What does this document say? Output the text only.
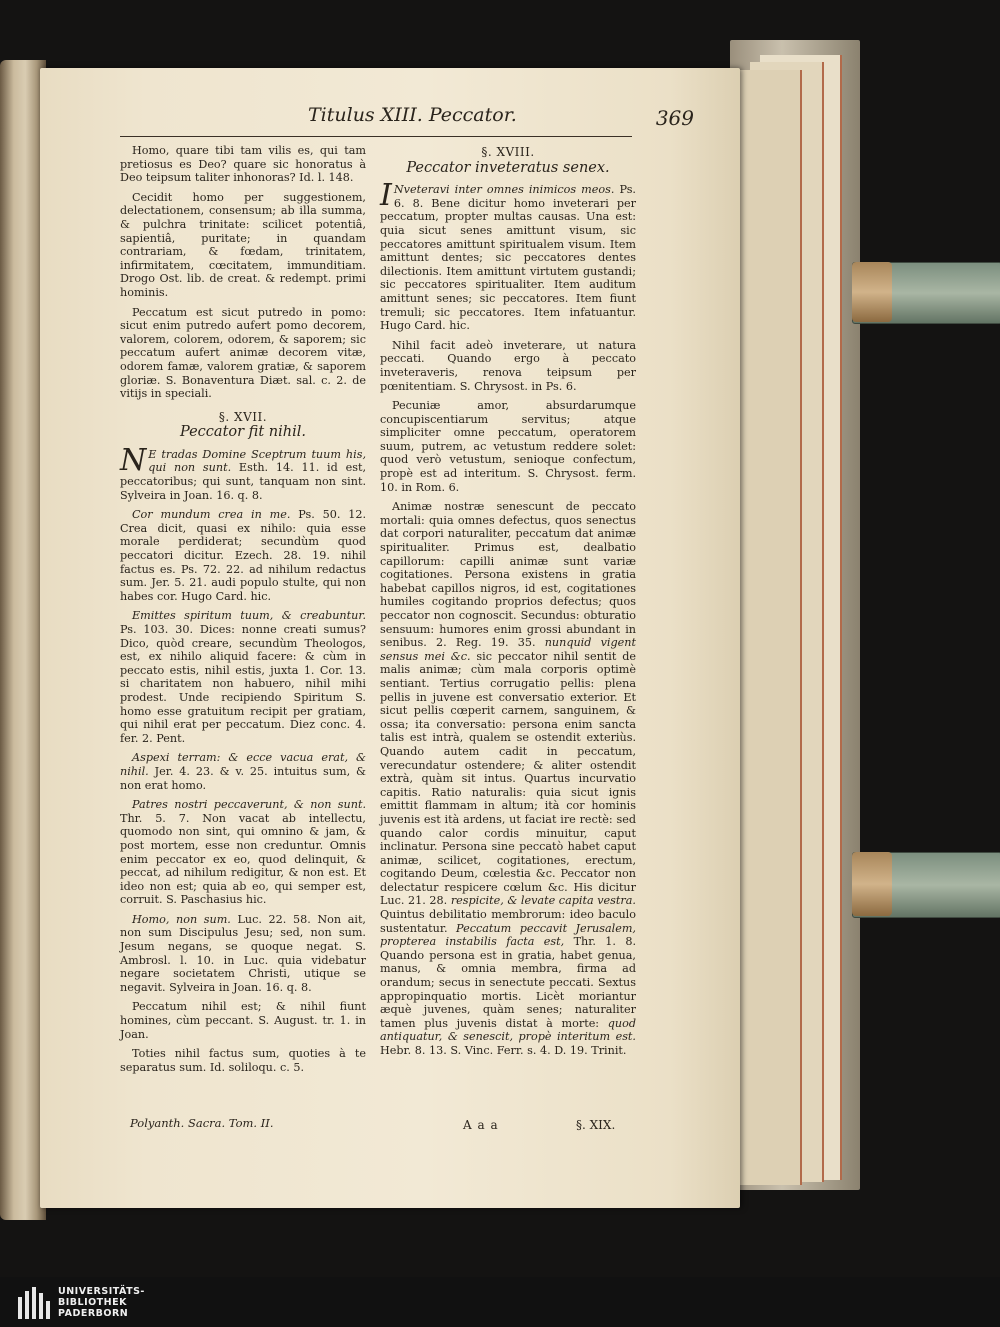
Titulus XIII. Peccator.	369

Homo, quare tibi tam vilis es, qui tam pretiosus es Deo? quare sic honoratus à Deo teipsum taliter inhonoras? Id. l. 148.

Cecidit homo per suggestionem, delectationem, consensum; ab illa summa, & pulchra trinitate: scilicet potentiâ, sapientiâ, puritate; in quandam contrariam, & fœdam, trinitatem, infirmitatem, cœcitatem, immunditiam. Drogo Ost. lib. de creat. & redempt. primi hominis.

Peccatum est sicut putredo in pomo: sicut enim putredo aufert pomo decorem, valorem, colorem, odorem, & saporem; sic peccatum aufert animæ decorem vitæ, odorem famæ, valorem gratiæ, & saporem gloriæ. S. Bonaventura Diæt. sal. c. 2. de vitijs in speciali.

§. XVII.
Peccator fit nihil.

N E tradas Domine Sceptrum tuum his, qui non sunt. Esth. 14. 11. id est, peccatoribus; qui sunt, tanquam non sint. Sylveira in Joan. 16. q. 8.

Cor mundum crea in me. Ps. 50. 12. Crea dicit, quasi ex nihilo: quia esse morale perdiderat; secundùm quod peccatori dicitur. Ezech. 28. 19. nihil factus es. Ps. 72. 22. ad nihilum redactus sum. Jer. 5. 21. audi populo stulte, qui non habes cor. Hugo Card. hic.

Emittes spiritum tuum, & creabuntur. Ps. 103. 30. Dices: nonne creati sumus? Dico, quòd creare, secundùm Theologos, est, ex nihilo aliquid facere: & cùm in peccato estis, nihil estis, juxta 1. Cor. 13. si charitatem non habuero, nihil mihi prodest. Unde recipiendo Spiritum S. homo esse gratuitum recipit per gratiam, qui nihil erat per peccatum. Diez conc. 4. fer. 2. Pent.

Aspexi terram: & ecce vacua erat, & nihil. Jer. 4. 23. & v. 25. intuitus sum, & non erat homo.

Patres nostri peccaverunt, & non sunt. Thr. 5. 7. Non vacat ab intellectu, quomodo non sint, qui omnino & jam, & post mortem, esse non creduntur. Omnis enim peccator ex eo, quod delinquit, & peccat, ad nihilum redigitur, & non est. Et ideo non est; quia ab eo, qui semper est, corruit. S. Paschasius hic.

Homo, non sum. Luc. 22. 58. Non ait, non sum Discipulus Jesu; sed, non sum. Jesum negans, se quoque negat. S. Ambrosl. l. 10. in Luc. quia videbatur negare societatem Christi, utique se negavit. Sylveira in Joan. 16. q. 8.

Peccatum nihil est; & nihil fiunt homines, cùm peccant. S. August. tr. 1. in Joan.

Toties nihil factus sum, quoties à te separatus sum. Id. soliloqu. c. 5.

§. XVIII.
Peccator inveteratus senex.

I Nveteravi inter omnes inimicos meos. Ps. 6. 8. Bene dicitur homo inveterari per peccatum, propter multas causas. Una est: quia sicut senes amittunt visum, sic peccatores amittunt spiritualem visum. Item amittunt dentes; sic peccatores dentes dilectionis. Item amittunt virtutem gustandi; sic peccatores spiritualiter. Item auditum amittunt senes; sic peccatores. Item fiunt tremuli; sic peccatores. Item infatuantur. Hugo Card. hic.

Nihil facit adeò inveterare, ut natura peccati. Quando ergo à peccato inveteraveris, renova teipsum per pœnitentiam. S. Chrysost. in Ps. 6.

Pecuniæ amor, absurdarumque concupiscentiarum servitus; atque simpliciter omne peccatum, operatorem suum, putrem, ac vetustum reddere solet: quod verò vetustum, senioque confectum, propè est ad interitum. S. Chrysost. ferm. 10. in Rom. 6.

Animæ nostræ senescunt de peccato mortali: quia omnes defectus, quos senectus dat corpori naturaliter, peccatum dat animæ spiritualiter. Primus est, dealbatio capillorum: capilli animæ sunt variæ cogitationes. Persona existens in gratia habebat capillos nigros, id est, cogitationes humiles cogitando proprios defectus; quos peccator non cognoscit. Secundus: obturatio sensuum: humores enim grossi abundant in senibus. 2. Reg. 19. 35. nunquid vigent sensus mei &c. sic peccator nihil sentit de malis animæ; cùm mala corporis optimè sentiant. Tertius corrugatio pellis: plena pellis in juvene est conversatio exterior. Et sicut pellis cœperit carnem, sanguinem, & ossa; ita conversatio: persona enim sancta talis est intrà, qualem se ostendit exteriùs. Quando autem cadit in peccatum, verecundatur ostendere; & aliter ostendit extrà, quàm sit intus. Quartus incurvatio capitis. Ratio naturalis: quia sicut ignis emittit flammam in altum; ità cor hominis juvenis est ità ardens, ut faciat ire rectè: sed quando calor cordis minuitur, caput inclinatur. Persona sine peccatò habet caput animæ, scilicet, cogitationes, erectum, cogitando Deum, cœlestia &c. Peccator non delectatur respicere cœlum &c. His dicitur Luc. 21. 28. respicite, & levate capita vestra. Quintus debilitatio membrorum: ideo baculo sustentatur. Peccatum peccavit Jerusalem, propterea instabilis facta est, Thr. 1. 8. Quando persona est in gratia, habet genua, manus, & omnia membra, firma ad orandum; secus in senectute peccati. Sextus appropinquatio mortis. Licèt moriantur æquè juvenes, quàm senes; naturaliter tamen plus juvenis distat à morte: quod antiquatur, & senescit, propè interitum est. Hebr. 8. 13. S. Vinc. Ferr. s. 4. D. 19. Trinit.

Polyanth. Sacra. Tom. II.	A a a	§. XIX.
UNIVERSITÄTS-
BIBLIOTHEK
PADERBORN
